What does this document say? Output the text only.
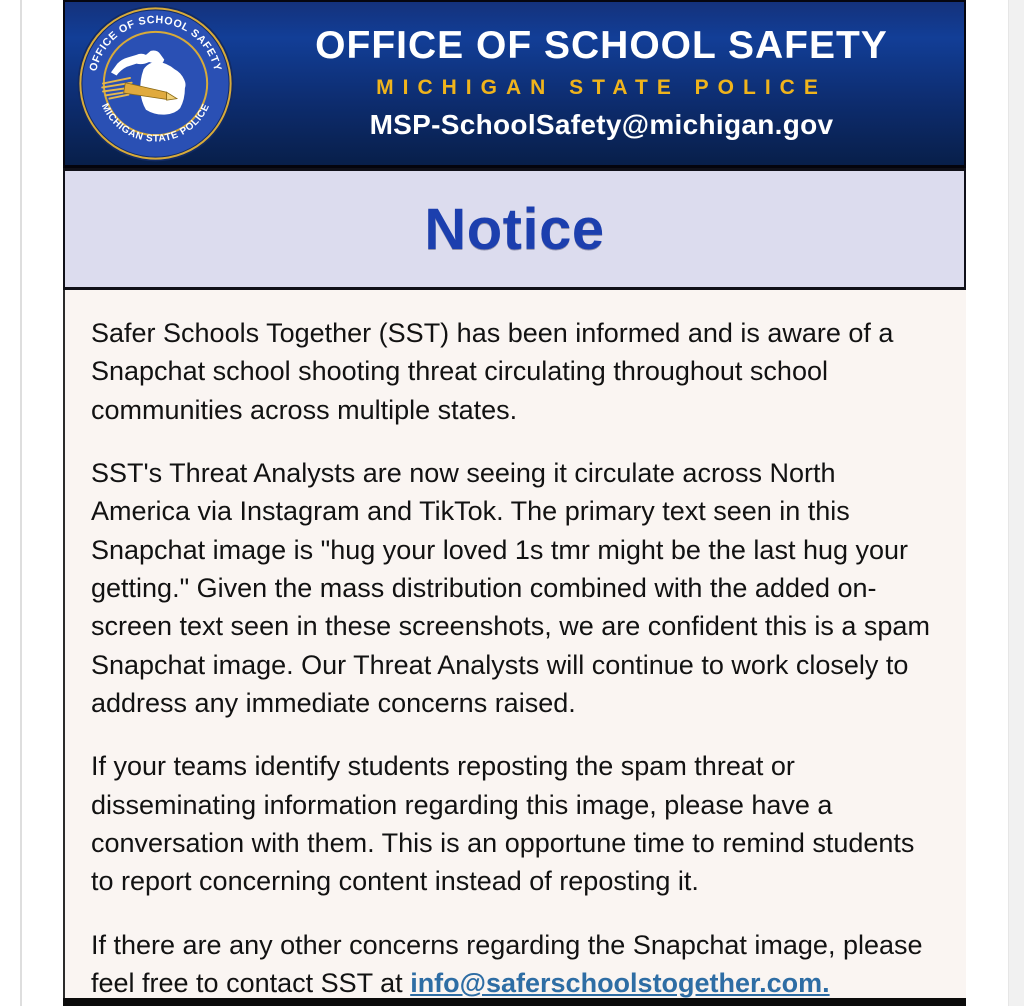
OFFICE OF SCHOOL SAFETY
MICHIGAN STATE POLICE
OFFICE OF SCHOOL SAFETY
MICHIGAN STATE POLICE
MSP-SchoolSafety@michigan.gov
Notice

Safer Schools Together (SST) has been informed and is aware of a Snapchat school shooting threat circulating throughout school communities across multiple states.

SST's Threat Analysts are now seeing it circulate across North America via Instagram and TikTok. The primary text seen in this Snapchat image is "hug your loved 1s tmr might be the last hug your getting." Given the mass distribution combined with the added on-screen text seen in these screenshots, we are confident this is a spam Snapchat image. Our Threat Analysts will continue to work closely to address any immediate concerns raised.

If your teams identify students reposting the spam threat or disseminating information regarding this image, please have a conversation with them. This is an opportune time to remind students to report concerning content instead of reposting it.

If there are any other concerns regarding the Snapchat image, please feel free to contact SST at info@saferschoolstogether.com.
